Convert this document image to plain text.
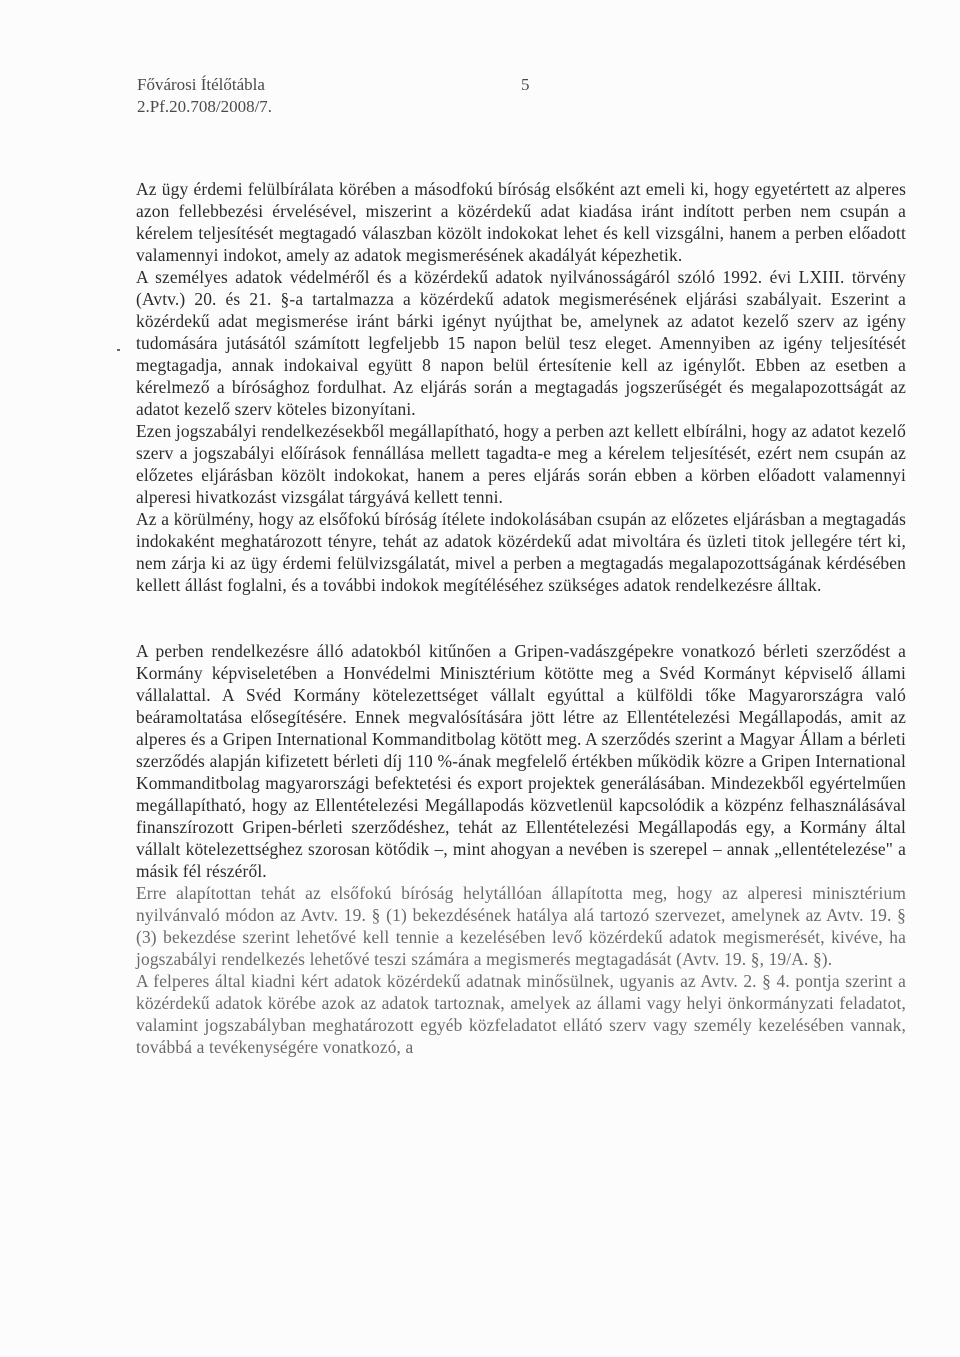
Fővárosi Ítélőtábla
2.Pf.20.708/2008/7.
5

Az ügy érdemi felülbírálata körében a másodfokú bíróság elsőként azt emeli ki, hogy egyetértett az alperes azon fellebbezési érvelésével, miszerint a közérdekű adat kiadása iránt indított perben nem csupán a kérelem teljesítését megtagadó válaszban közölt indokokat lehet és kell vizsgálni, hanem a perben előadott valamennyi indokot, amely az adatok megismerésének akadályát képezhetik.

A személyes adatok védelméről és a közérdekű adatok nyilvánosságáról szóló 1992. évi LXIII. törvény (Avtv.) 20. és 21. §-a tartalmazza a közérdekű adatok megismerésének eljárási szabályait. Eszerint a közérdekű adat megismerése iránt bárki igényt nyújthat be, amelynek az adatot kezelő szerv az igény tudomására jutásától számított legfeljebb 15 napon belül tesz eleget. Amennyiben az igény teljesítését megtagadja, annak indokaival együtt 8 napon belül értesítenie kell az igénylőt. Ebben az esetben a kérelmező a bírósághoz fordulhat. Az eljárás során a megtagadás jogszerűségét és megalapozottságát az adatot kezelő szerv köteles bizonyítani.

Ezen jogszabályi rendelkezésekből megállapítható, hogy a perben azt kellett elbírálni, hogy az adatot kezelő szerv a jogszabályi előírások fennállása mellett tagadta-e meg a kérelem teljesítését, ezért nem csupán az előzetes eljárásban közölt indokokat, hanem a peres eljárás során ebben a körben előadott valamennyi alperesi hivatkozást vizsgálat tárgyává kellett tenni.

Az a körülmény, hogy az elsőfokú bíróság ítélete indokolásában csupán az előzetes eljárásban a megtagadás indokaként meghatározott tényre, tehát az adatok közérdekű adat mivoltára és üzleti titok jellegére tért ki, nem zárja ki az ügy érdemi felülvizsgálatát, mivel a perben a megtagadás megalapozottságának kérdésében kellett állást foglalni, és a további indokok megítéléséhez szükséges adatok rendelkezésre álltak.

A perben rendelkezésre álló adatokból kitűnően a Gripen-vadászgépekre vonatkozó bérleti szerződést a Kormány képviseletében a Honvédelmi Minisztérium kötötte meg a Svéd Kormányt képviselő állami vállalattal. A Svéd Kormány kötelezettséget vállalt egyúttal a külföldi tőke Magyarországra való beáramoltatása elősegítésére. Ennek megvalósítására jött létre az Ellentételezési Megállapodás, amit az alperes és a Gripen International Kommanditbolag kötött meg. A szerződés szerint a Magyar Állam a bérleti szerződés alapján kifizetett bérleti díj 110 %-ának megfelelő értékben működik közre a Gripen International Kommanditbolag magyarországi befektetési és export projektek generálásában. Mindezekből egyértelműen megállapítható, hogy az Ellentételezési Megállapodás közvetlenül kapcsolódik a közpénz felhasználásával finanszírozott Gripen-bérleti szerződéshez, tehát az Ellentételezési Megállapodás egy, a Kormány által vállalt kötelezettséghez szorosan kötődik –, mint ahogyan a nevében is szerepel – annak „ellentételezése" a másik fél részéről.

Erre alapítottan tehát az elsőfokú bíróság helytállóan állapította meg, hogy az alperesi minisztérium nyilvánvaló módon az Avtv. 19. § (1) bekezdésének hatálya alá tartozó szervezet, amelynek az Avtv. 19. § (3) bekezdése szerint lehetővé kell tennie a kezelésében levő közérdekű adatok megismerését, kivéve, ha jogszabályi rendelkezés lehetővé teszi számára a megismerés megtagadását (Avtv. 19. §, 19/A. §).

A felperes által kiadni kért adatok közérdekű adatnak minősülnek, ugyanis az Avtv. 2. § 4. pontja szerint a közérdekű adatok körébe azok az adatok tartoznak, amelyek az állami vagy helyi önkormányzati feladatot, valamint jogszabályban meghatározott egyéb közfeladatot ellátó szerv vagy személy kezelésében vannak, továbbá a tevékenységére vonatkozó, a
